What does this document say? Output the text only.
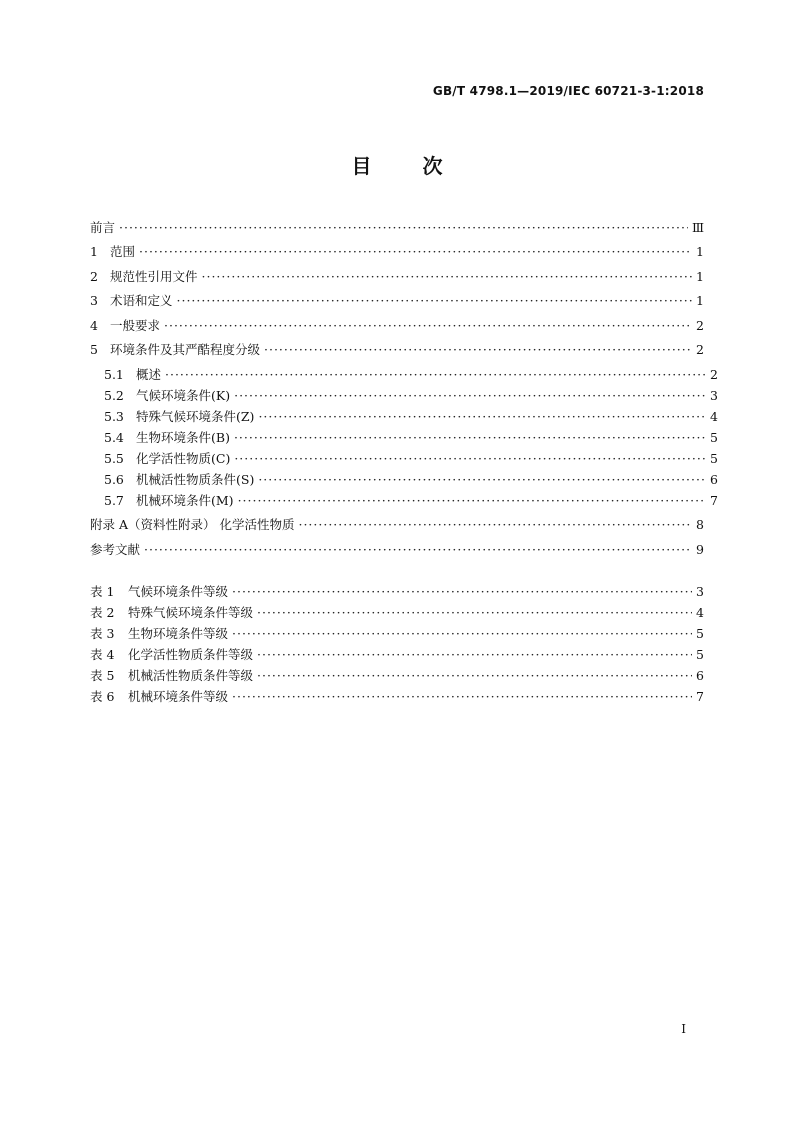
GB/T 4798.1—2019/IEC 60721-3-1:2018
目	次
前言 ·····	Ⅲ
1 范围 ·····	1
2 规范性引用文件 ·····	1
3 术语和定义 ·····	1
4 一般要求 ·····	2
5 环境条件及其严酷程度分级 ·····	2
5.1 概述 ·····	2
5.2 气候环境条件(K) ·····	3
5.3 特殊气候环境条件(Z) ·····	4
5.4 生物环境条件(B) ·····	5
5.5 化学活性物质(C) ·····	5
5.6 机械活性物质条件(S) ·····	6
5.7 机械环境条件(M) ·····	7
附录 A（资料性附录） 化学活性物质 ·····	8
参考文献 ·····	9
表 1 气候环境条件等级 ·····	3
表 2 特殊气候环境条件等级 ·····	4
表 3 生物环境条件等级 ·····	5
表 4 化学活性物质条件等级 ·····	5
表 5 机械活性物质条件等级 ·····	6
表 6 机械环境条件等级 ·····	7
I
